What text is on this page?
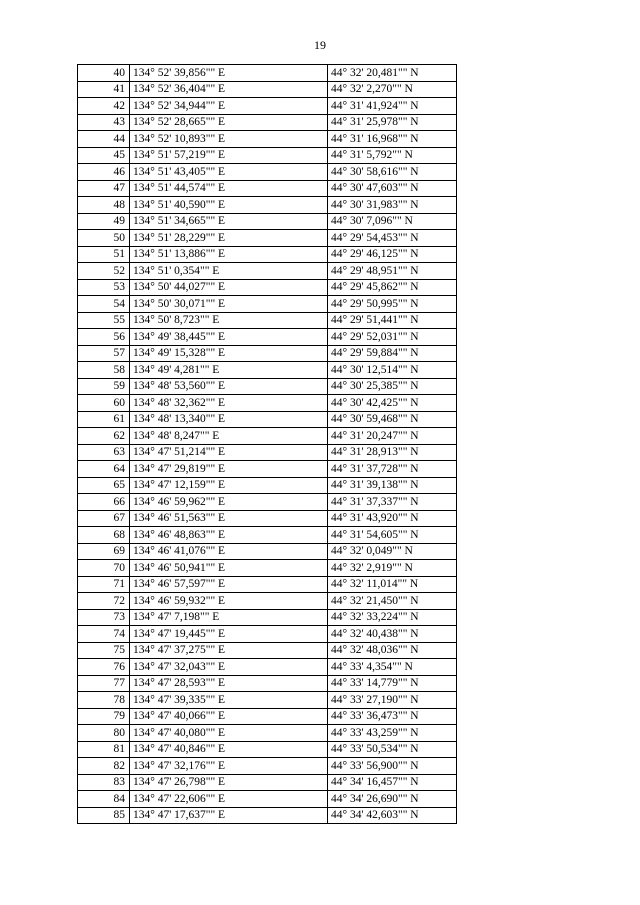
19
40	134° 52' 39,856"" E	44° 32' 20,481"" N
41	134° 52' 36,404"" E	44° 32' 2,270"" N
42	134° 52' 34,944"" E	44° 31' 41,924"" N
43	134° 52' 28,665"" E	44° 31' 25,978"" N
44	134° 52' 10,893"" E	44° 31' 16,968"" N
45	134° 51' 57,219"" E	44° 31' 5,792"" N
46	134° 51' 43,405"" E	44° 30' 58,616"" N
47	134° 51' 44,574"" E	44° 30' 47,603"" N
48	134° 51' 40,590"" E	44° 30' 31,983"" N
49	134° 51' 34,665"" E	44° 30' 7,096"" N
50	134° 51' 28,229"" E	44° 29' 54,453"" N
51	134° 51' 13,886"" E	44° 29' 46,125"" N
52	134° 51' 0,354"" E	44° 29' 48,951"" N
53	134° 50' 44,027"" E	44° 29' 45,862"" N
54	134° 50' 30,071"" E	44° 29' 50,995"" N
55	134° 50' 8,723"" E	44° 29' 51,441"" N
56	134° 49' 38,445"" E	44° 29' 52,031"" N
57	134° 49' 15,328"" E	44° 29' 59,884"" N
58	134° 49' 4,281"" E	44° 30' 12,514"" N
59	134° 48' 53,560"" E	44° 30' 25,385"" N
60	134° 48' 32,362"" E	44° 30' 42,425"" N
61	134° 48' 13,340"" E	44° 30' 59,468"" N
62	134° 48' 8,247"" E	44° 31' 20,247"" N
63	134° 47' 51,214"" E	44° 31' 28,913"" N
64	134° 47' 29,819"" E	44° 31' 37,728"" N
65	134° 47' 12,159"" E	44° 31' 39,138"" N
66	134° 46' 59,962"" E	44° 31' 37,337"" N
67	134° 46' 51,563"" E	44° 31' 43,920"" N
68	134° 46' 48,863"" E	44° 31' 54,605"" N
69	134° 46' 41,076"" E	44° 32' 0,049"" N
70	134° 46' 50,941"" E	44° 32' 2,919"" N
71	134° 46' 57,597"" E	44° 32' 11,014"" N
72	134° 46' 59,932"" E	44° 32' 21,450"" N
73	134° 47' 7,198"" E	44° 32' 33,224"" N
74	134° 47' 19,445"" E	44° 32' 40,438"" N
75	134° 47' 37,275"" E	44° 32' 48,036"" N
76	134° 47' 32,043"" E	44° 33' 4,354"" N
77	134° 47' 28,593"" E	44° 33' 14,779"" N
78	134° 47' 39,335"" E	44° 33' 27,190"" N
79	134° 47' 40,066"" E	44° 33' 36,473"" N
80	134° 47' 40,080"" E	44° 33' 43,259"" N
81	134° 47' 40,846"" E	44° 33' 50,534"" N
82	134° 47' 32,176"" E	44° 33' 56,900"" N
83	134° 47' 26,798"" E	44° 34' 16,457"" N
84	134° 47' 22,606"" E	44° 34' 26,690"" N
85	134° 47' 17,637"" E	44° 34' 42,603"" N
